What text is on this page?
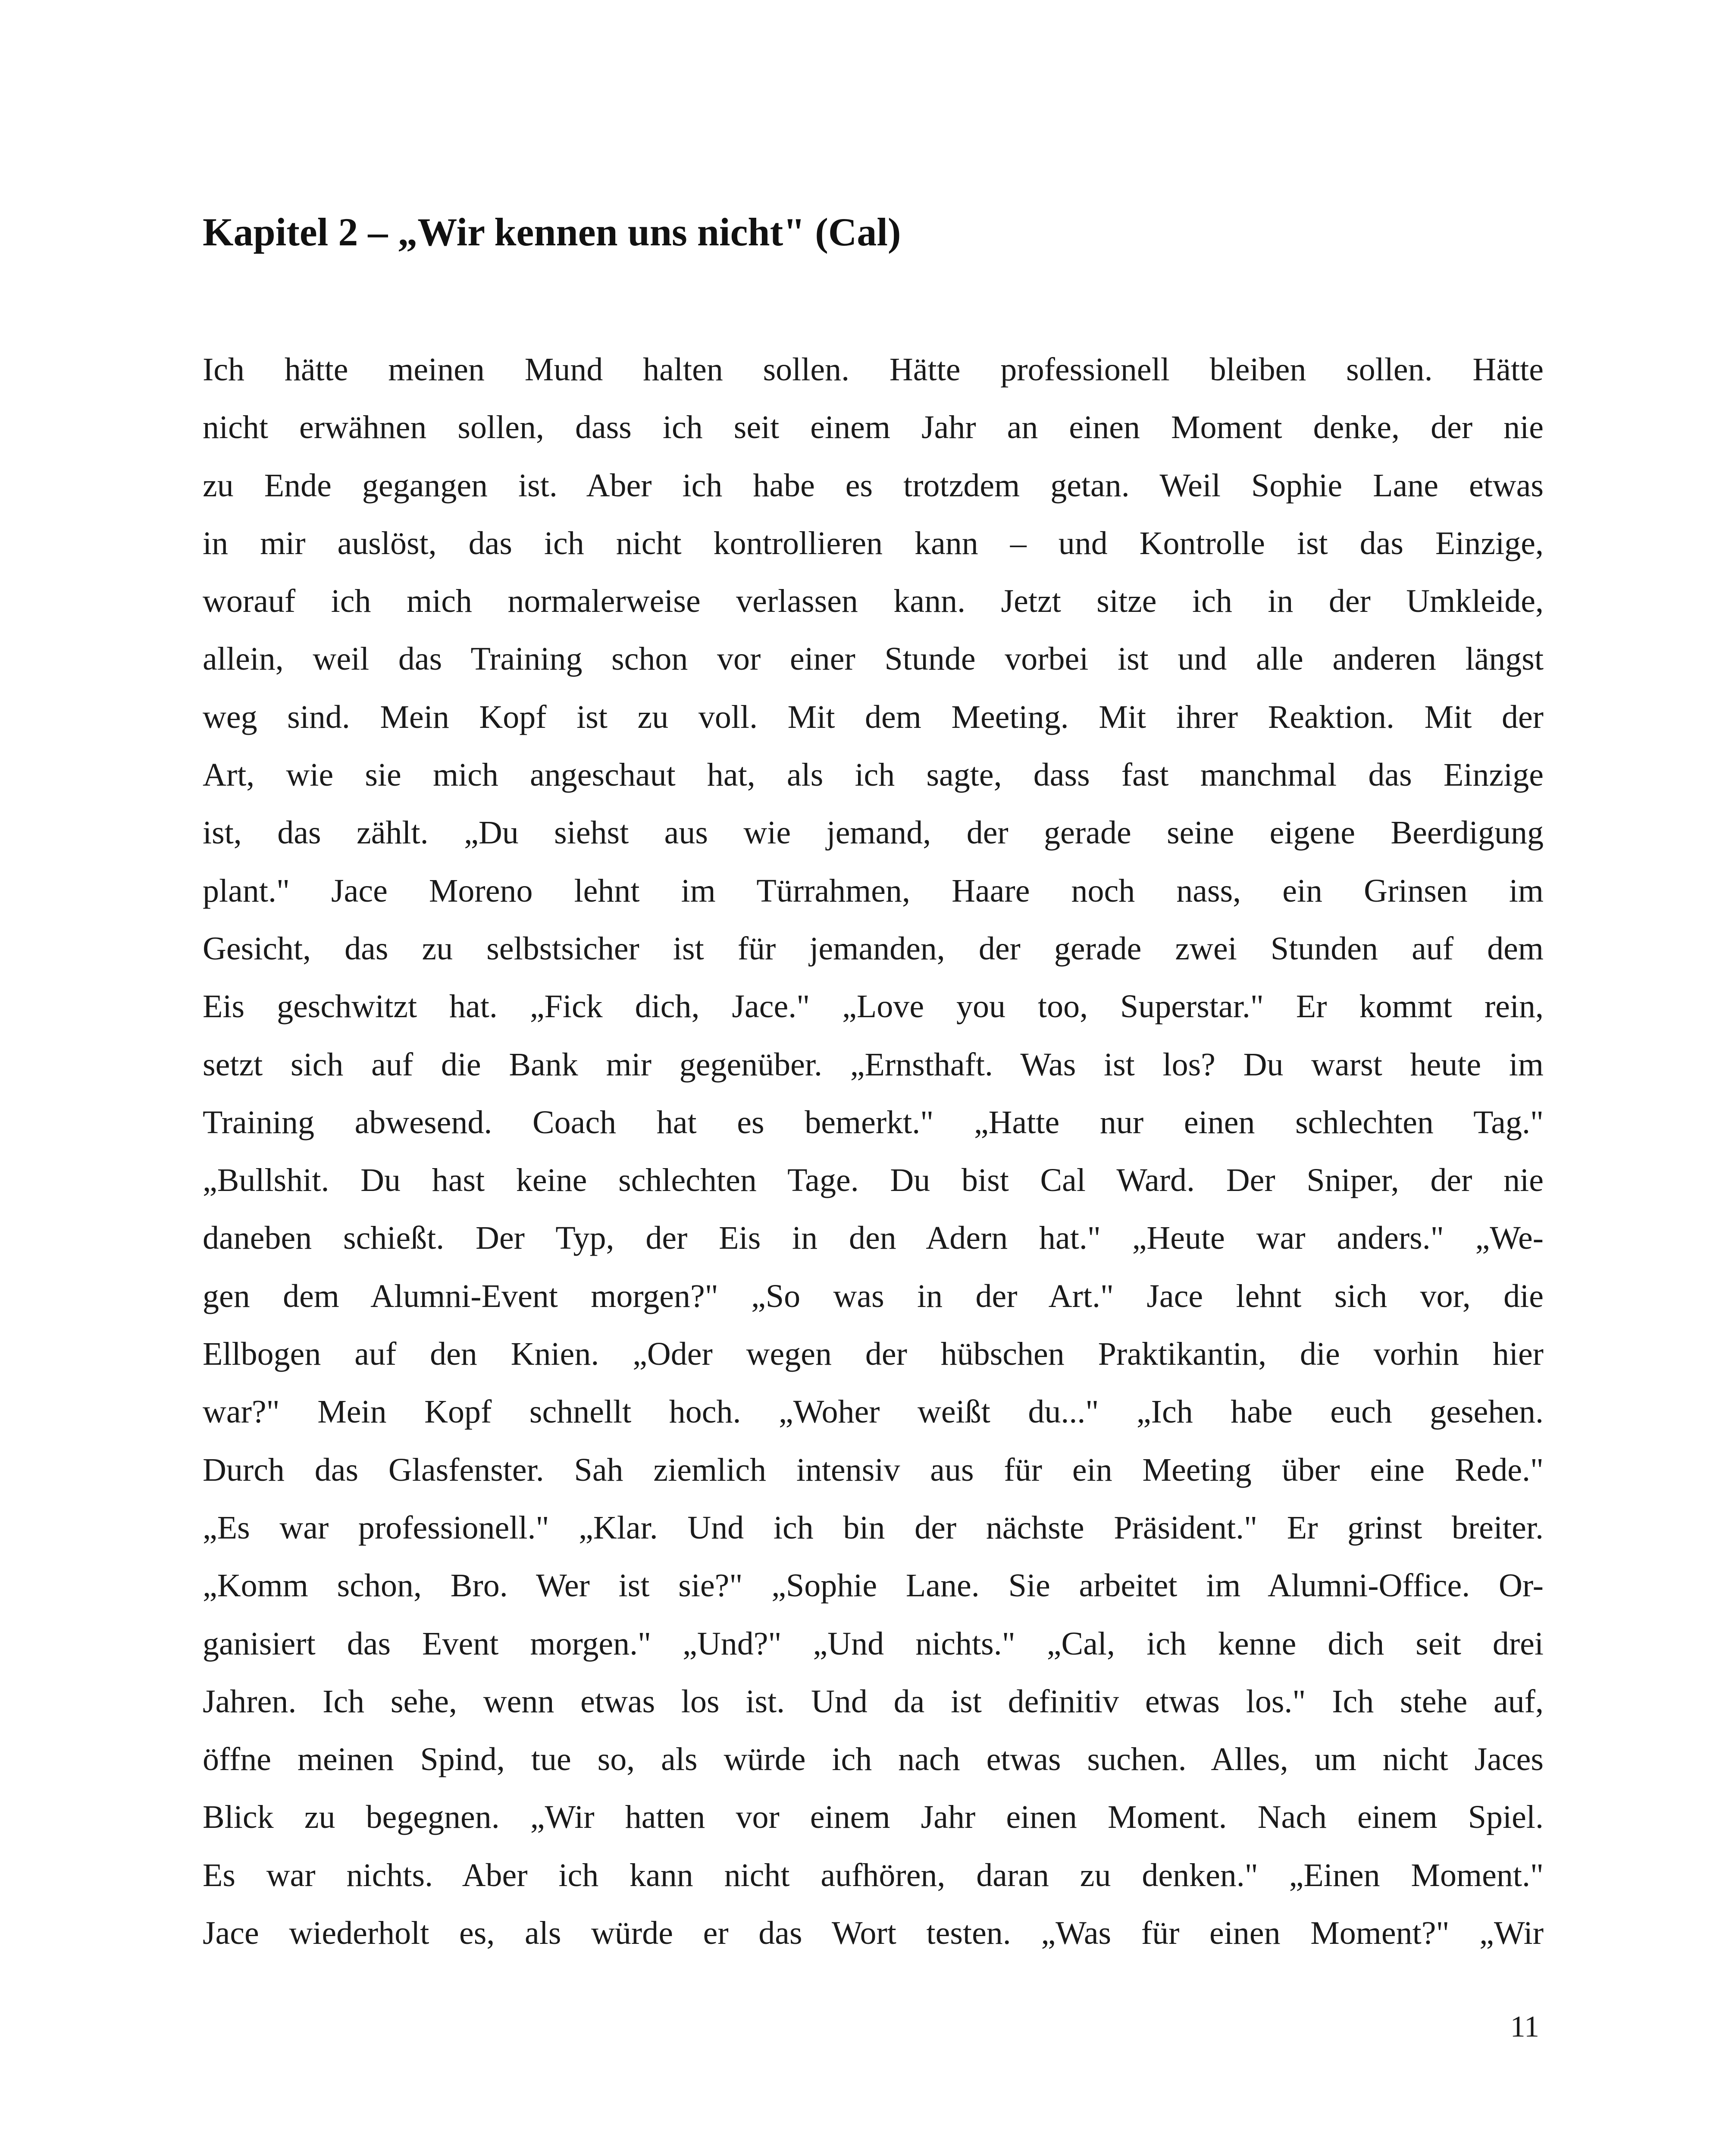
Kapitel 2 – „Wir kennen uns nicht" (Cal)
Ich hätte meinen Mund halten sollen. Hätte professionell bleiben sollen. Hätte
nicht erwähnen sollen, dass ich seit einem Jahr an einen Moment denke, der nie
zu Ende gegangen ist. Aber ich habe es trotzdem getan. Weil Sophie Lane etwas
in mir auslöst, das ich nicht kontrollieren kann – und Kontrolle ist das Einzige,
worauf ich mich normalerweise verlassen kann. Jetzt sitze ich in der Umkleide,
allein, weil das Training schon vor einer Stunde vorbei ist und alle anderen längst
weg sind. Mein Kopf ist zu voll. Mit dem Meeting. Mit ihrer Reaktion. Mit der
Art, wie sie mich angeschaut hat, als ich sagte, dass fast manchmal das Einzige
ist, das zählt. „Du siehst aus wie jemand, der gerade seine eigene Beerdigung
plant." Jace Moreno lehnt im Türrahmen, Haare noch nass, ein Grinsen im
Gesicht, das zu selbstsicher ist für jemanden, der gerade zwei Stunden auf dem
Eis geschwitzt hat. „Fick dich, Jace." „Love you too, Superstar." Er kommt rein,
setzt sich auf die Bank mir gegenüber. „Ernsthaft. Was ist los? Du warst heute im
Training abwesend. Coach hat es bemerkt." „Hatte nur einen schlechten Tag."
„Bullshit. Du hast keine schlechten Tage. Du bist Cal Ward. Der Sniper, der nie
daneben schießt. Der Typ, der Eis in den Adern hat." „Heute war anders." „We-
gen dem Alumni-Event morgen?" „So was in der Art." Jace lehnt sich vor, die
Ellbogen auf den Knien. „Oder wegen der hübschen Praktikantin, die vorhin hier
war?" Mein Kopf schnellt hoch. „Woher weißt du..." „Ich habe euch gesehen.
Durch das Glasfenster. Sah ziemlich intensiv aus für ein Meeting über eine Rede."
„Es war professionell." „Klar. Und ich bin der nächste Präsident." Er grinst breiter.
„Komm schon, Bro. Wer ist sie?" „Sophie Lane. Sie arbeitet im Alumni-Office. Or-
ganisiert das Event morgen." „Und?" „Und nichts." „Cal, ich kenne dich seit drei
Jahren. Ich sehe, wenn etwas los ist. Und da ist definitiv etwas los." Ich stehe auf,
öffne meinen Spind, tue so, als würde ich nach etwas suchen. Alles, um nicht Jaces
Blick zu begegnen. „Wir hatten vor einem Jahr einen Moment. Nach einem Spiel.
Es war nichts. Aber ich kann nicht aufhören, daran zu denken." „Einen Moment."
Jace wiederholt es, als würde er das Wort testen. „Was für einen Moment?" „Wir
11
